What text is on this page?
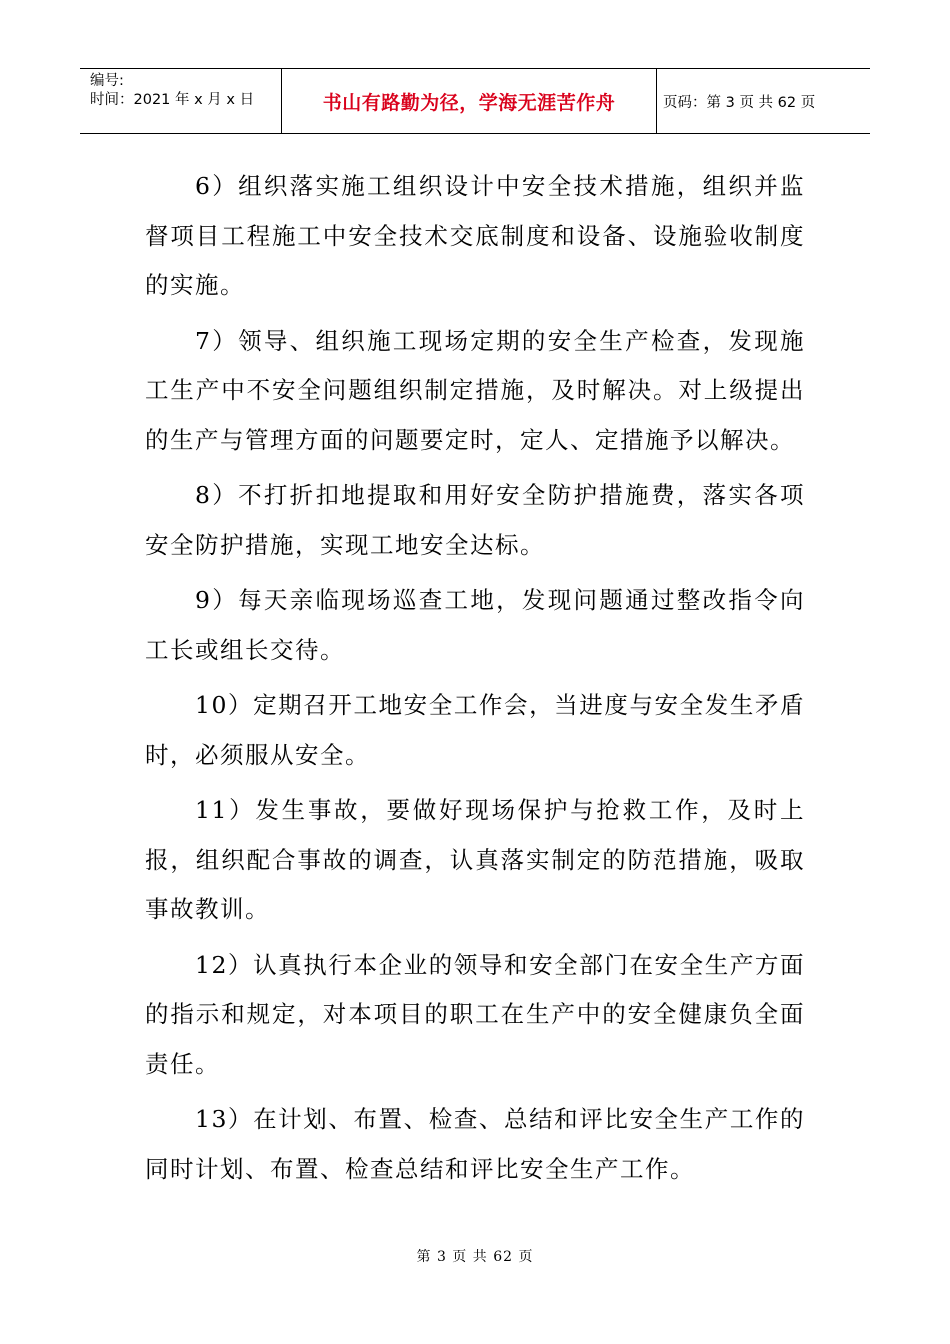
编号:
时间：2021 年 x 月 x 日	书山有路勤为径，学海无涯苦作舟	页码：第 3 页 共 62 页

6）组织落实施工组织设计中安全技术措施，组织并监督项目工程施工中安全技术交底制度和设备、设施验收制度的实施。

7）领导、组织施工现场定期的安全生产检查，发现施工生产中不安全问题组织制定措施，及时解决。对上级提出的生产与管理方面的问题要定时，定人、定措施予以解决。

8）不打折扣地提取和用好安全防护措施费，落实各项安全防护措施，实现工地安全达标。

9）每天亲临现场巡查工地，发现问题通过整改指令向工长或组长交待。

10）定期召开工地安全工作会，当进度与安全发生矛盾时，必须服从安全。

11）发生事故，要做好现场保护与抢救工作，及时上报，组织配合事故的调查，认真落实制定的防范措施，吸取事故教训。

12）认真执行本企业的领导和安全部门在安全生产方面的指示和规定，对本项目的职工在生产中的安全健康负全面责任。

13）在计划、布置、检查、总结和评比安全生产工作的同时计划、布置、检查总结和评比安全生产工作。

第 3 页 共 62 页
